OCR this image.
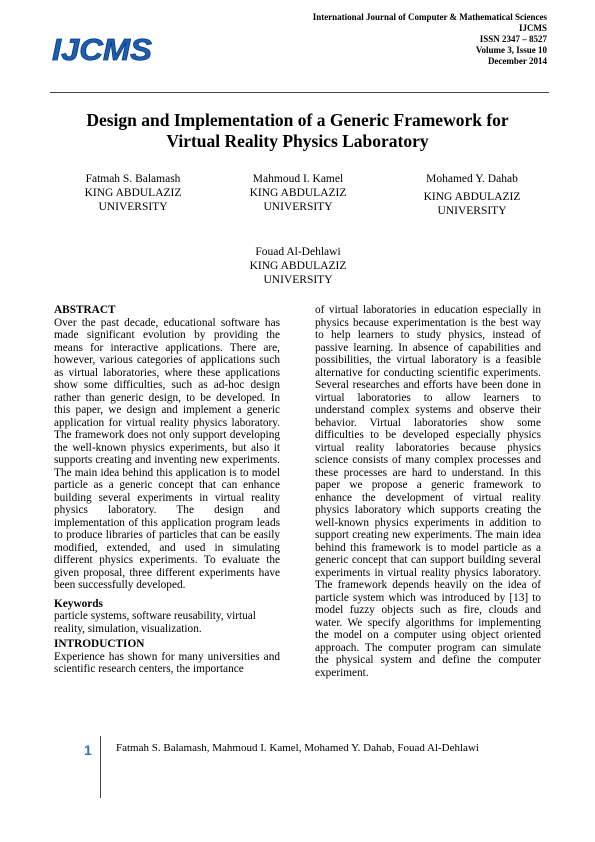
International Journal of Computer & Mathematical Sciences
IJCMS
ISSN 2347 – 8527
Volume 3, Issue 10
December 2014
IJCMS
Design and Implementation of a Generic Framework for
Virtual Reality Physics Laboratory
Fatmah S. Balamash
KING ABDULAZIZ
UNIVERSITY
Mahmoud I. Kamel
KING ABDULAZIZ
UNIVERSITY
Mohamed Y. Dahab
KING ABDULAZIZ
UNIVERSITY
Fouad Al-Dehlawi
KING ABDULAZIZ
UNIVERSITY
ABSTRACT

Over the past decade, educational software has made significant evolution by providing the means for interactive applications. There are, however, various categories of applications such as virtual laboratories, where these applications show some difficulties, such as ad-hoc design rather than generic design, to be developed. In this paper, we design and implement a generic application for virtual reality physics laboratory. The framework does not only support developing the well-known physics experiments, but also it supports creating and inventing new experiments. The main idea behind this application is to model particle as a generic concept that can enhance building several experiments in virtual reality physics laboratory. The design and implementation of this application program leads to produce libraries of particles that can be easily modified, extended, and used in simulating different physics experiments. To evaluate the given proposal, three different experiments have been successfully developed.

Keywords

particle systems, software reusability, virtual reality, simulation, visualization.

INTRODUCTION

Experience has shown for many universities and scientific research centers, the importance

of virtual laboratories in education especially in physics because experimentation is the best way to help learners to study physics, instead of passive learning. In absence of capabilities and possibilities, the virtual laboratory is a feasible alternative for conducting scientific experiments. Several researches and efforts have been done in virtual laboratories to allow learners to understand complex systems and observe their behavior. Virtual laboratories show some difficulties to be developed especially physics virtual reality laboratories because physics science consists of many complex processes and these processes are hard to understand. In this paper we propose a generic framework to enhance the development of virtual reality physics laboratory which supports creating the well-known physics experiments in addition to support creating new experiments. The main idea behind this framework is to model particle as a generic concept that can support building several experiments in virtual reality physics laboratory. The framework depends heavily on the idea of particle system which was introduced by [13] to model fuzzy objects such as fire, clouds and water. We specify algorithms for implementing the model on a computer using object oriented approach. The computer program can simulate the physical system and define the computer experiment.

1 Fatmah S. Balamash, Mahmoud I. Kamel, Mohamed Y. Dahab, Fouad Al-Dehlawi
